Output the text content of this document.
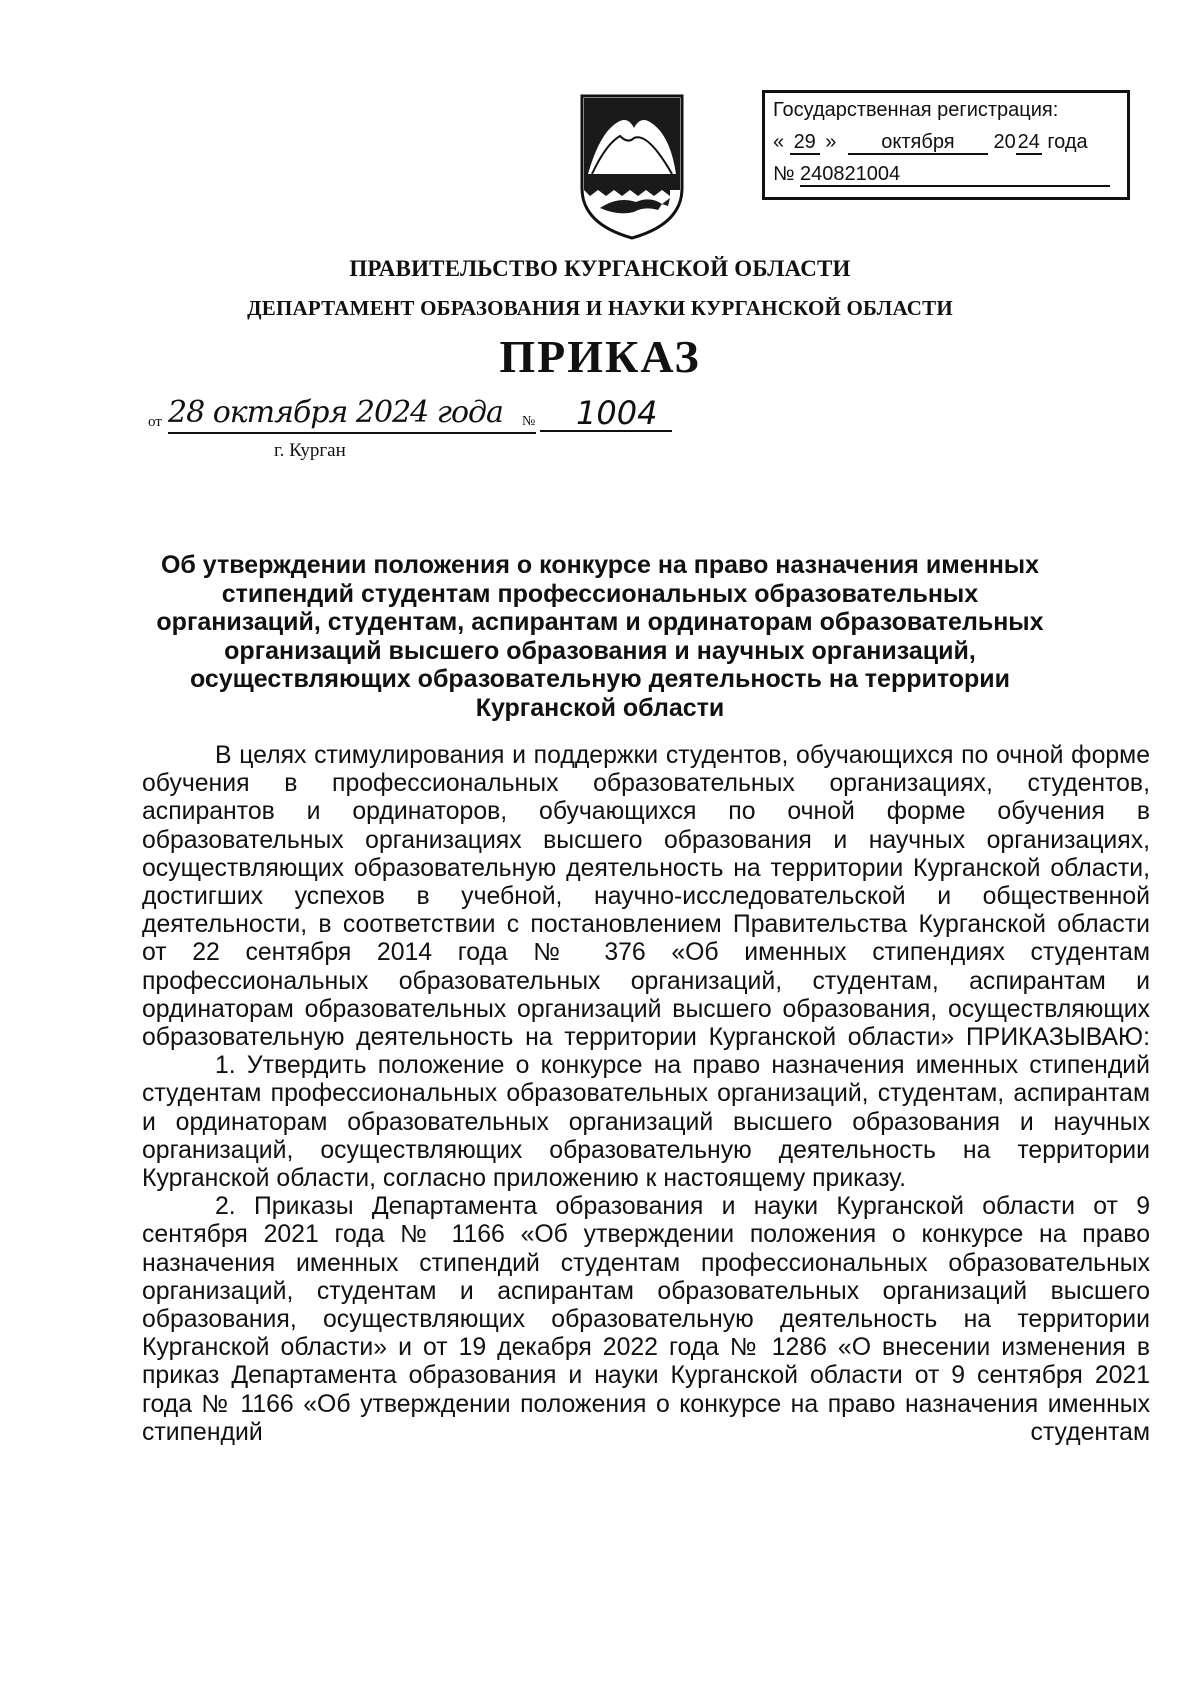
Государственная регистрация:
« 29 » октября 2024 года
№ 240821004
ПРАВИТЕЛЬСТВО КУРГАНСКОЙ ОБЛАСТИ
ДЕПАРТАМЕНТ ОБРАЗОВАНИЯ И НАУКИ КУРГАНСКОЙ ОБЛАСТИ
ПРИКАЗ
от 28 октября 2024 года	№	1004
г. Курган
Об утверждении положения о конкурсе на право назначения именных стипендий студентам профессиональных образовательных организаций, студентам, аспирантам и ординаторам образовательных организаций высшего образования и научных организаций, осуществляющих образовательную деятельность на территории Курганской области

В целях стимулирования и поддержки студентов, обучающихся по очной форме обучения в профессиональных образовательных организациях, студентов, аспирантов и ординаторов, обучающихся по очной форме обучения в образовательных организациях высшего образования и научных организациях, осуществляющих образовательную деятельность на территории Курганской области, достигших успехов в учебной, научно-исследовательской и общественной деятельности, в соответствии с постановлением Правительства Курганской области от 22 сентября 2014 года № 376 «Об именных стипендиях студентам профессиональных образовательных организаций, студентам, аспирантам и ординаторам образовательных организаций высшего образования, осуществляющих образовательную деятельность на территории Курганской области» ПРИКАЗЫВАЮ:

1. Утвердить положение о конкурсе на право назначения именных стипендий студентам профессиональных образовательных организаций, студентам, аспирантам и ординаторам образовательных организаций высшего образования и научных организаций, осуществляющих образовательную деятельность на территории Курганской области, согласно приложению к настоящему приказу.

2. Приказы Департамента образования и науки Курганской области от 9 сентября 2021 года № 1166 «Об утверждении положения о конкурсе на право назначения именных стипендий студентам профессиональных образовательных организаций, студентам и аспирантам образовательных организаций высшего образования, осуществляющих образовательную деятельность на территории Курганской области» и от 19 декабря 2022 года № 1286 «О внесении изменения в приказ Департамента образования и науки Курганской области от 9 сентября 2021 года № 1166 «Об утверждении положения о конкурсе на право назначения именных стипендий студентам
